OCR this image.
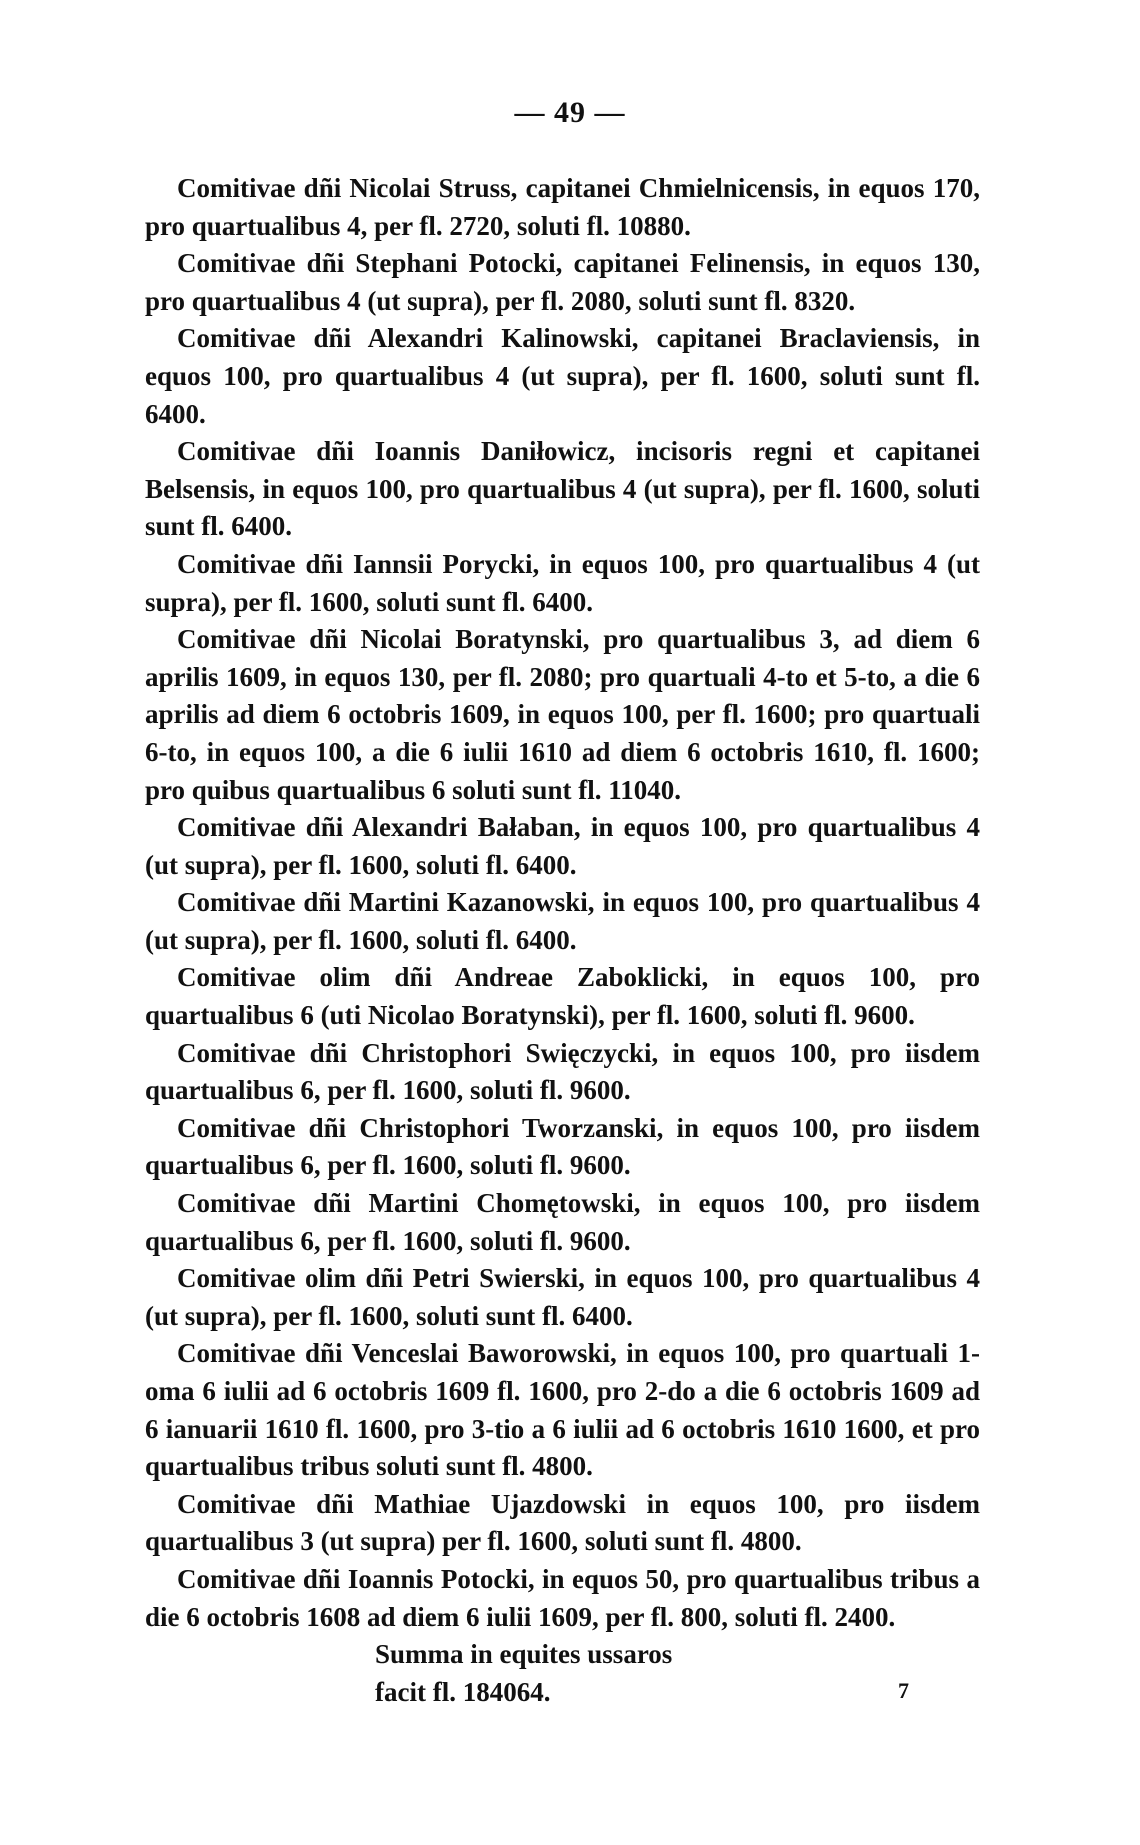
— 49 —

Comitivae dñi Nicolai Struss, capitanei Chmielnicensis, in equos 170, pro quartualibus 4, per fl. 2720, soluti fl. 10880.

Comitivae dñi Stephani Potocki, capitanei Felinensis, in equos 130, pro quartualibus 4 (ut supra), per fl. 2080, soluti sunt fl. 8320.

Comitivae dñi Alexandri Kalinowski, capitanei Braclaviensis, in equos 100, pro quartualibus 4 (ut supra), per fl. 1600, soluti sunt fl. 6400.

Comitivae dñi Ioannis Daniłowicz, incisoris regni et capitanei Belsensis, in equos 100, pro quartualibus 4 (ut supra), per fl. 1600, soluti sunt fl. 6400.

Comitivae dñi Iannsii Porycki, in equos 100, pro quartualibus 4 (ut supra), per fl. 1600, soluti sunt fl. 6400.

Comitivae dñi Nicolai Boratynski, pro quartualibus 3, ad diem 6 aprilis 1609, in equos 130, per fl. 2080; pro quartuali 4-to et 5-to, a die 6 aprilis ad diem 6 octobris 1609, in equos 100, per fl. 1600; pro quartuali 6-to, in equos 100, a die 6 iulii 1610 ad diem 6 octobris 1610, fl. 1600; pro quibus quartualibus 6 soluti sunt fl. 11040.

Comitivae dñi Alexandri Bałaban, in equos 100, pro quartualibus 4 (ut supra), per fl. 1600, soluti fl. 6400.

Comitivae dñi Martini Kazanowski, in equos 100, pro quartualibus 4 (ut supra), per fl. 1600, soluti fl. 6400.

Comitivae olim dñi Andreae Zaboklicki, in equos 100, pro quartualibus 6 (uti Nicolao Boratynski), per fl. 1600, soluti fl. 9600.

Comitivae dñi Christophori Swięczycki, in equos 100, pro iisdem quartualibus 6, per fl. 1600, soluti fl. 9600.

Comitivae dñi Christophori Tworzanski, in equos 100, pro iisdem quartualibus 6, per fl. 1600, soluti fl. 9600.

Comitivae dñi Martini Chomętowski, in equos 100, pro iisdem quartualibus 6, per fl. 1600, soluti fl. 9600.

Comitivae olim dñi Petri Swierski, in equos 100, pro quartualibus 4 (ut supra), per fl. 1600, soluti sunt fl. 6400.

Comitivae dñi Venceslai Baworowski, in equos 100, pro quartuali 1-oma 6 iulii ad 6 octobris 1609 fl. 1600, pro 2-do a die 6 octobris 1609 ad 6 ianuarii 1610 fl. 1600, pro 3-tio a 6 iulii ad 6 octobris 1610 1600, et pro quartualibus tribus soluti sunt fl. 4800.

Comitivae dñi Mathiae Ujazdowski in equos 100, pro iisdem quartualibus 3 (ut supra) per fl. 1600, soluti sunt fl. 4800.

Comitivae dñi Ioannis Potocki, in equos 50, pro quartualibus tribus a die 6 octobris 1608 ad diem 6 iulii 1609, per fl. 800, soluti fl. 2400.

Summa in equites ussaros

facit fl. 184064.	7
